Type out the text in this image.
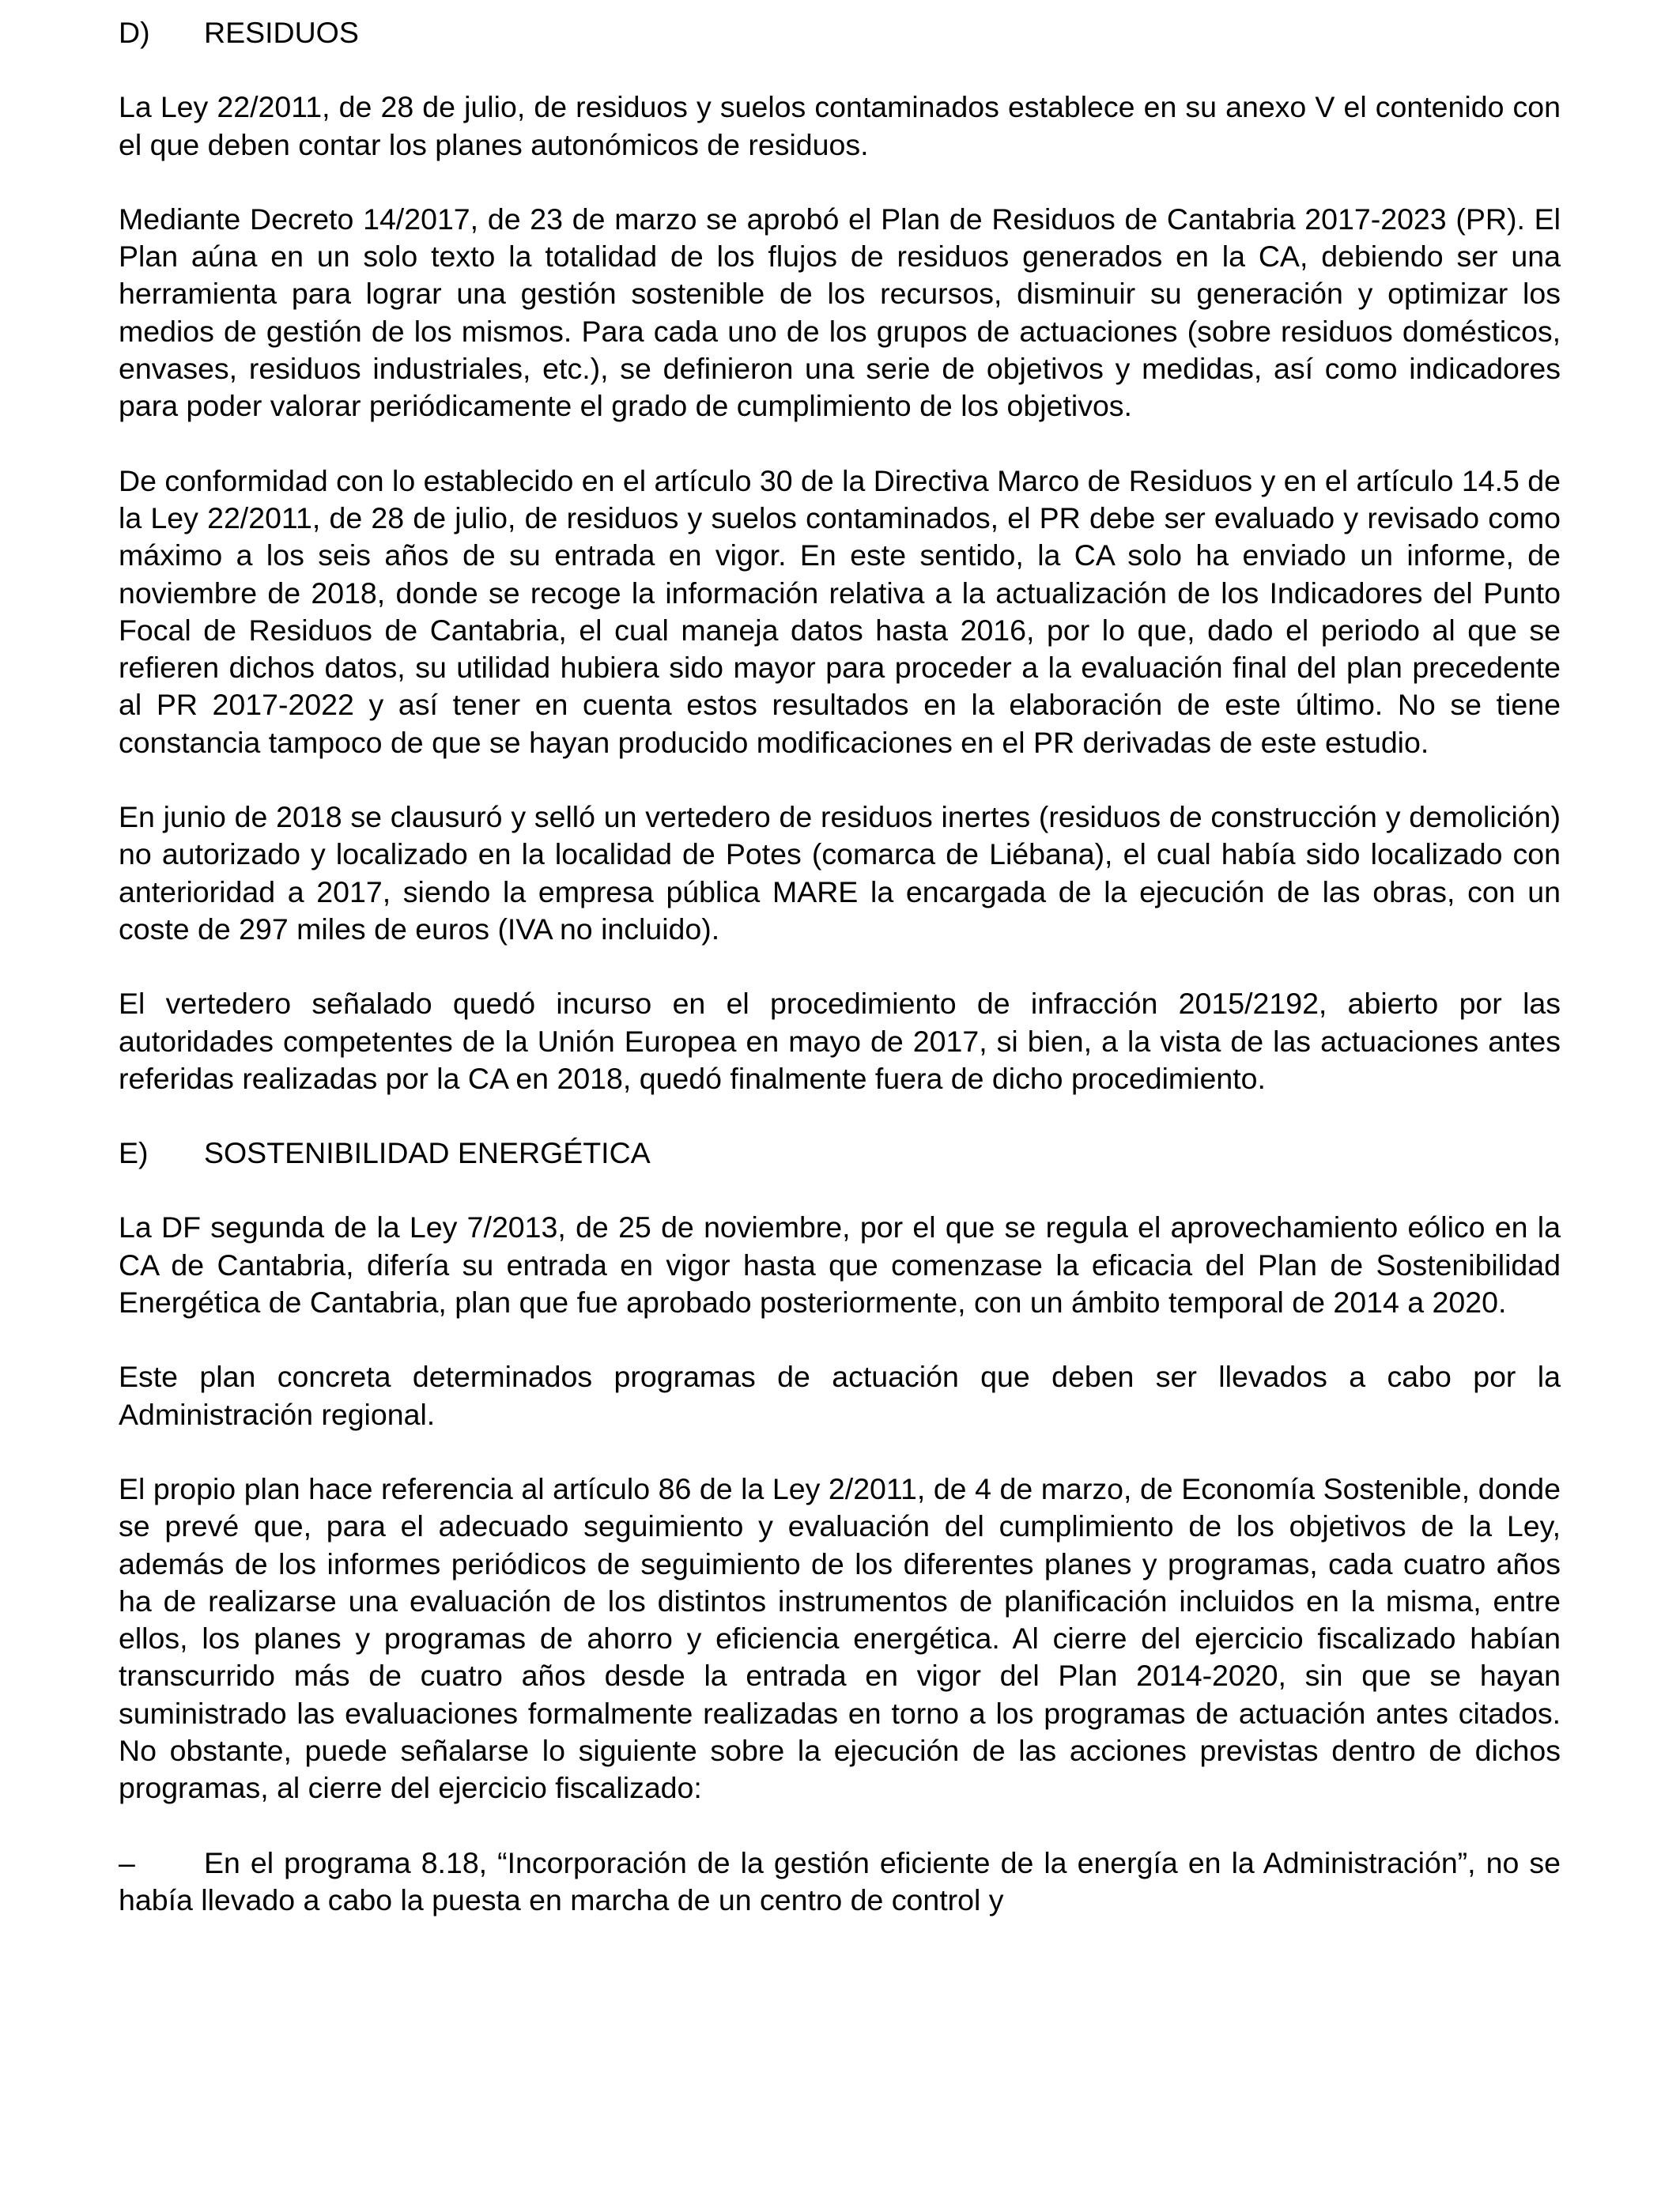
D)	RESIDUOS

La Ley 22/2011, de 28 de julio, de residuos y suelos contaminados establece en su anexo V el contenido con el que deben contar los planes autonómicos de residuos.

Mediante Decreto 14/2017, de 23 de marzo se aprobó el Plan de Residuos de Cantabria 2017-2023 (PR). El Plan aúna en un solo texto la totalidad de los flujos de residuos generados en la CA, debiendo ser una herramienta para lograr una gestión sostenible de los recursos, disminuir su generación y optimizar los medios de gestión de los mismos. Para cada uno de los grupos de actuaciones (sobre residuos domésticos, envases, residuos industriales, etc.), se definieron una serie de objetivos y medidas, así como indicadores para poder valorar periódicamente el grado de cumplimiento de los objetivos.

De conformidad con lo establecido en el artículo 30 de la Directiva Marco de Residuos y en el artículo 14.5 de la Ley 22/2011, de 28 de julio, de residuos y suelos contaminados, el PR debe ser evaluado y revisado como máximo a los seis años de su entrada en vigor. En este sentido, la CA solo ha enviado un informe, de noviembre de 2018, donde se recoge la información relativa a la actualización de los Indicadores del Punto Focal de Residuos de Cantabria, el cual maneja datos hasta 2016, por lo que, dado el periodo al que se refieren dichos datos, su utilidad hubiera sido mayor para proceder a la evaluación final del plan precedente al PR 2017-2022 y así tener en cuenta estos resultados en la elaboración de este último. No se tiene constancia tampoco de que se hayan producido modificaciones en el PR derivadas de este estudio.

En junio de 2018 se clausuró y selló un vertedero de residuos inertes (residuos de construcción y demolición) no autorizado y localizado en la localidad de Potes (comarca de Liébana), el cual había sido localizado con anterioridad a 2017, siendo la empresa pública MARE la encargada de la ejecución de las obras, con un coste de 297 miles de euros (IVA no incluido).

El vertedero señalado quedó incurso en el procedimiento de infracción 2015/2192, abierto por las autoridades competentes de la Unión Europea en mayo de 2017, si bien, a la vista de las actuaciones antes referidas realizadas por la CA en 2018, quedó finalmente fuera de dicho procedimiento.

E)	SOSTENIBILIDAD ENERGÉTICA

La DF segunda de la Ley 7/2013, de 25 de noviembre, por el que se regula el aprovechamiento eólico en la CA de Cantabria, difería su entrada en vigor hasta que comenzase la eficacia del Plan de Sostenibilidad Energética de Cantabria, plan que fue aprobado posteriormente, con un ámbito temporal de 2014 a 2020.

Este plan concreta determinados programas de actuación que deben ser llevados a cabo por la Administración regional.

El propio plan hace referencia al artículo 86 de la Ley 2/2011, de 4 de marzo, de Economía Sostenible, donde se prevé que, para el adecuado seguimiento y evaluación del cumplimiento de los objetivos de la Ley, además de los informes periódicos de seguimiento de los diferentes planes y programas, cada cuatro años ha de realizarse una evaluación de los distintos instrumentos de planificación incluidos en la misma, entre ellos, los planes y programas de ahorro y eficiencia energética. Al cierre del ejercicio fiscalizado habían transcurrido más de cuatro años desde la entrada en vigor del Plan 2014-2020, sin que se hayan suministrado las evaluaciones formalmente realizadas en torno a los programas de actuación antes citados. No obstante, puede señalarse lo siguiente sobre la ejecución de las acciones previstas dentro de dichos programas, al cierre del ejercicio fiscalizado:

– En el programa 8.18, “Incorporación de la gestión eficiente de la energía en la Administración”, no se había llevado a cabo la puesta en marcha de un centro de control y
